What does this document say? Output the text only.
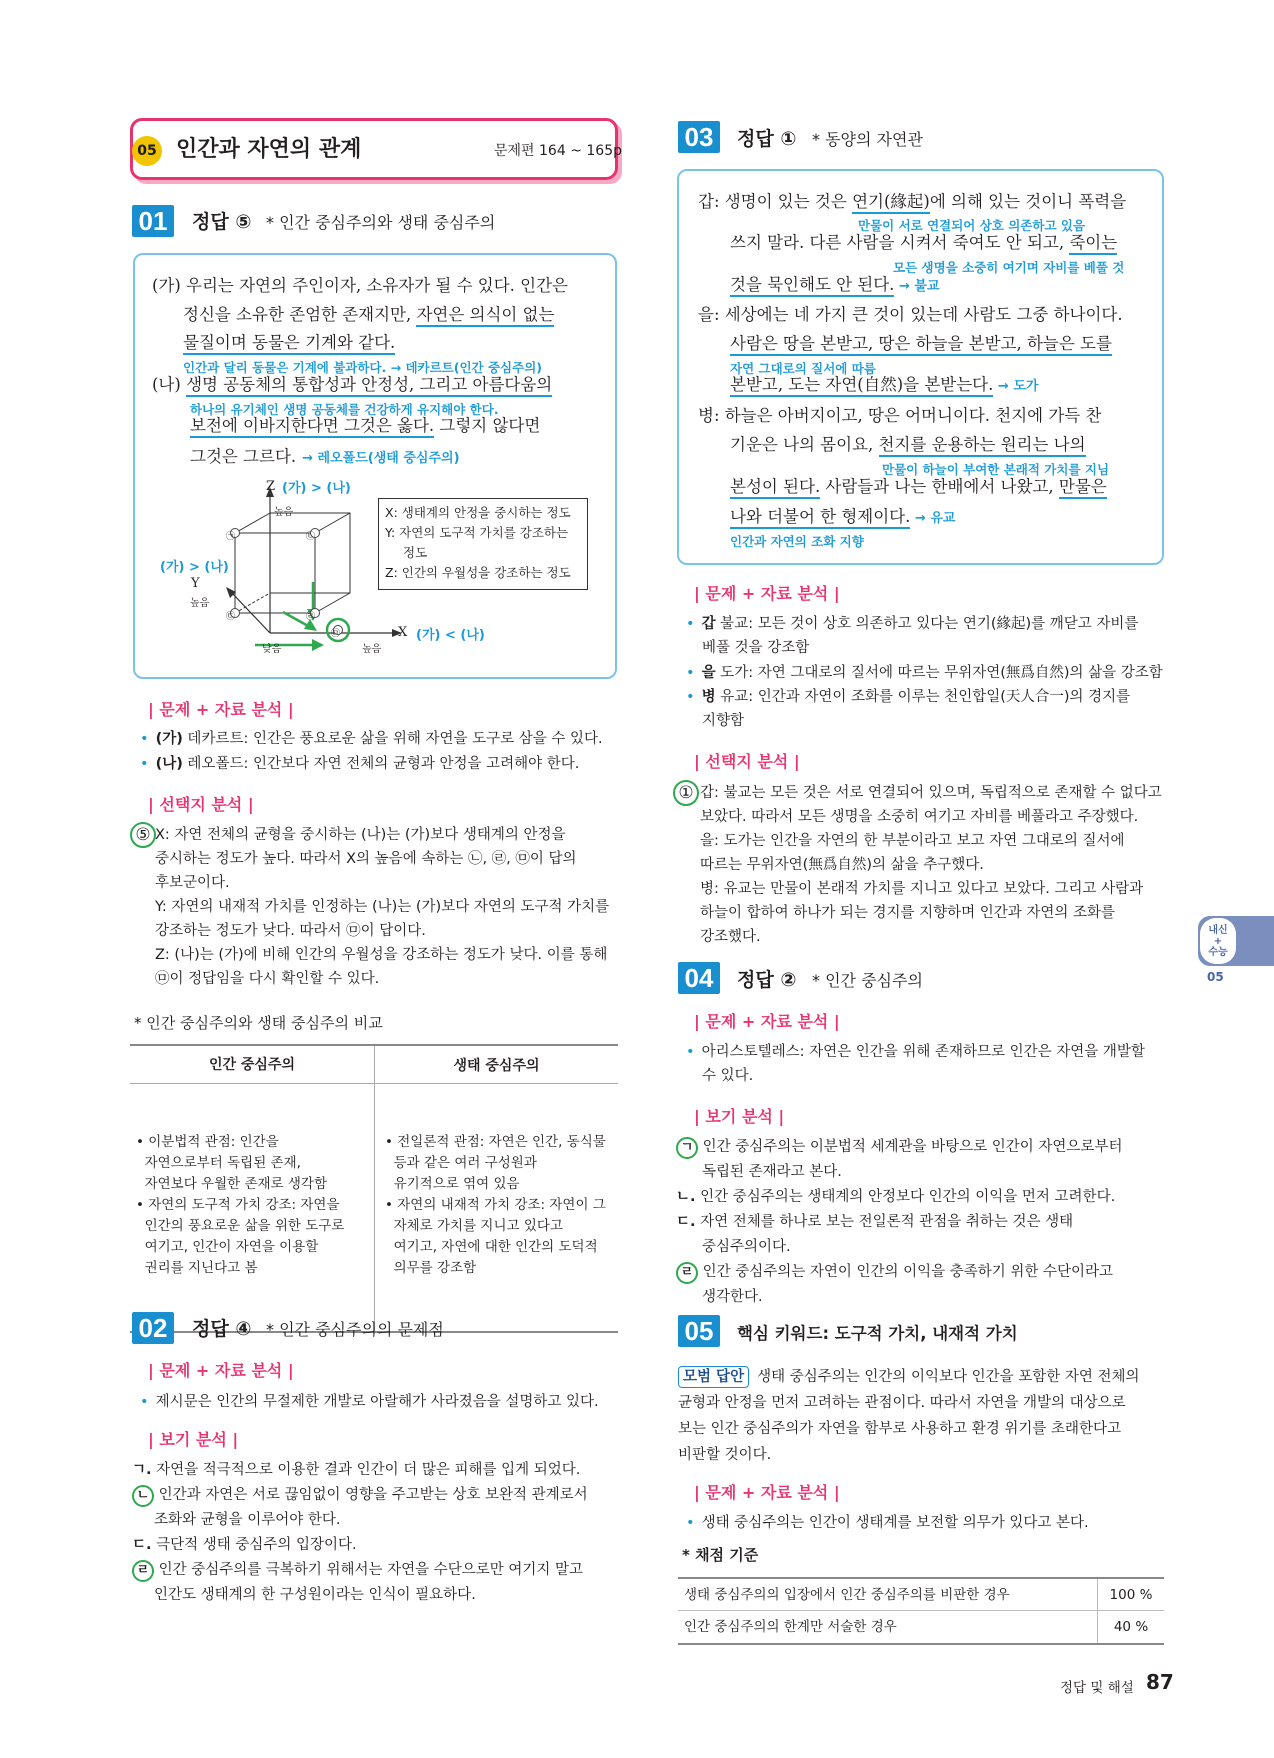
05 인간과 자연의 관계	문제편 164 ~ 165p
01	정답 ⑤ * 인간 중심주의와 생태 중심주의
(가) 우리는 자연의 주인이자, 소유자가 될 수 있다. 인간은
정신을 소유한 존엄한 존재지만, 자연은 의식이 없는
물질이며 동물은 기계와 같다.
인간과 달리 동물은 기계에 불과하다. → 데카르트(인간 중심주의)
(나) 생명 공동체의 통합성과 안정성, 그리고 아름다움의
하나의 유기체인 생명 공동체를 건강하게 유지해야 한다.
보전에 이바지한다면 그것은 옳다. 그렇지 않다면
그것은 그르다. → 레오폴드(생태 중심주의)
㉠	㉡
㉢	㉣
㉤
Z (가) > (나)
높음
(가) > (나)
Y
높음
낮음	높음
X (가) < (나)
X: 생태계의 안정을 중시하는 정도
Y: 자연의 도구적 가치를 강조하는
정도
Z: 인간의 우월성을 강조하는 정도
| 문제 + 자료 분석 |
• (가) 데카르트: 인간은 풍요로운 삶을 위해 자연을 도구로 삼을 수 있다.
• (나) 레오폴드: 인간보다 자연 전체의 균형과 안정을 고려해야 한다.
| 선택지 분석 |
⑤ X: 자연 전체의 균형을 중시하는 (나)는 (가)보다 생태계의 안정을
중시하는 정도가 높다. 따라서 X의 높음에 속하는 ㉡, ㉣, ㉤이 답의
후보군이다.
Y: 자연의 내재적 가치를 인정하는 (나)는 (가)보다 자연의 도구적 가치를
강조하는 정도가 낮다. 따라서 ㉤이 답이다.
Z: (나)는 (가)에 비해 인간의 우월성을 강조하는 정도가 낮다. 이를 통해
㉤이 정답임을 다시 확인할 수 있다.
* 인간 중심주의와 생태 중심주의 비교
인간 중심주의	생태 중심주의

• 이분법적 관점: 인간을
자연으로부터 독립된 존재,
자연보다 우월한 존재로 생각함
• 자연의 도구적 가치 강조: 자연을
인간의 풍요로운 삶을 위한 도구로
여기고, 인간이 자연을 이용할
권리를 지닌다고 봄

• 전일론적 관점: 자연은 인간, 동식물
등과 같은 여러 구성원과
유기적으로 엮여 있음
• 자연의 내재적 가치 강조: 자연이 그
자체로 가치를 지니고 있다고
여기고, 자연에 대한 인간의 도덕적
의무를 강조함

02	정답 ④ * 인간 중심주의의 문제점
| 문제 + 자료 분석 |
• 제시문은 인간의 무절제한 개발로 아랄해가 사라졌음을 설명하고 있다.
| 보기 분석 |
ㄱ. 자연을 적극적으로 이용한 결과 인간이 더 많은 피해를 입게 되었다.
ㄴ 인간과 자연은 서로 끊임없이 영향을 주고받는 상호 보완적 관계로서
조화와 균형을 이루어야 한다.
ㄷ. 극단적 생태 중심주의 입장이다.
ㄹ 인간 중심주의를 극복하기 위해서는 자연을 수단으로만 여기지 말고
인간도 생태계의 한 구성원이라는 인식이 필요하다.
03	정답 ① * 동양의 자연관
갑: 생명이 있는 것은 연기(緣起)에 의해 있는 것이니 폭력을
만물이 서로 연결되어 상호 의존하고 있음
쓰지 말라. 다른 사람을 시켜서 죽여도 안 되고, 죽이는
모든 생명을 소중히 여기며 자비를 베풀 것
것을 묵인해도 안 된다. → 불교
을: 세상에는 네 가지 큰 것이 있는데 사람도 그중 하나이다.
사람은 땅을 본받고, 땅은 하늘을 본받고, 하늘은 도를
자연 그대로의 질서에 따름
본받고, 도는 자연(自然)을 본받는다. → 도가
병: 하늘은 아버지이고, 땅은 어머니이다. 천지에 가득 찬
기운은 나의 몸이요, 천지를 운용하는 원리는 나의
만물이 하늘이 부여한 본래적 가치를 지님
본성이 된다. 사람들과 나는 한배에서 나왔고, 만물은
나와 더불어 한 형제이다. → 유교
인간과 자연의 조화 지향
| 문제 + 자료 분석 |
• 갑 불교: 모든 것이 상호 의존하고 있다는 연기(緣起)를 깨닫고 자비를
베풀 것을 강조함
• 을 도가: 자연 그대로의 질서에 따르는 무위자연(無爲自然)의 삶을 강조함
• 병 유교: 인간과 자연이 조화를 이루는 천인합일(天人合一)의 경지를
지향함
| 선택지 분석 |
① 갑: 불교는 모든 것은 서로 연결되어 있으며, 독립적으로 존재할 수 없다고
보았다. 따라서 모든 생명을 소중히 여기고 자비를 베풀라고 주장했다.
을: 도가는 인간을 자연의 한 부분이라고 보고 자연 그대로의 질서에
따르는 무위자연(無爲自然)의 삶을 추구했다.
병: 유교는 만물이 본래적 가치를 지니고 있다고 보았다. 그리고 사람과
하늘이 합하여 하나가 되는 경지를 지향하며 인간과 자연의 조화를
강조했다.
04	정답 ② * 인간 중심주의
| 문제 + 자료 분석 |
• 아리스토텔레스: 자연은 인간을 위해 존재하므로 인간은 자연을 개발할
수 있다.
| 보기 분석 |
ㄱ 인간 중심주의는 이분법적 세계관을 바탕으로 인간이 자연으로부터
독립된 존재라고 본다.
ㄴ. 인간 중심주의는 생태계의 안정보다 인간의 이익을 먼저 고려한다.
ㄷ. 자연 전체를 하나로 보는 전일론적 관점을 취하는 것은 생태
중심주의이다.
ㄹ 인간 중심주의는 자연이 인간의 이익을 충족하기 위한 수단이라고
생각한다.
05	핵심 키워드: 도구적 가치, 내재적 가치
모범 답안 생태 중심주의는 인간의 이익보다 인간을 포함한 자연 전체의
균형과 안정을 먼저 고려하는 관점이다. 따라서 자연을 개발의 대상으로
보는 인간 중심주의가 자연을 함부로 사용하고 환경 위기를 초래한다고
비판할 것이다.
| 문제 + 자료 분석 |
• 생태 중심주의는 인간이 생태계를 보전할 의무가 있다고 본다.
* 채점 기준
생태 중심주의의 입장에서 인간 중심주의를 비판한 경우	100 %
인간 중심주의의 한계만 서술한 경우	40 %
내신
+
수능
05
정답 및 해설 87
